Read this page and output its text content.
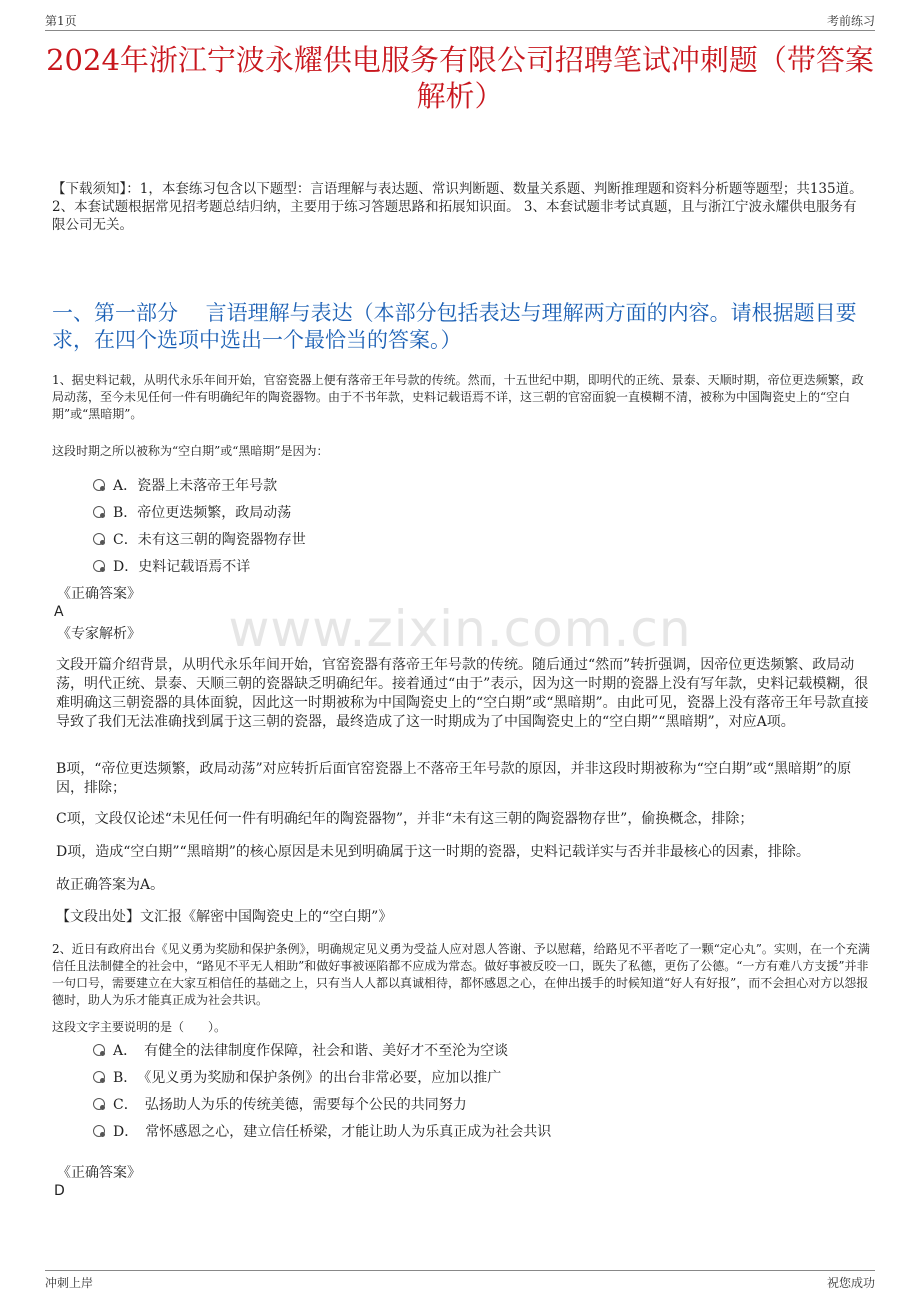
第1页	考前练习
2024年浙江宁波永耀供电服务有限公司招聘笔试冲刺题（带答案解析）
【下载须知】：1，本套练习包含以下题型：言语理解与表达题、常识判断题、数量关系题、判断推理题和资料分析题等题型；共135道。 2、本套试题根据常见招考题总结归纳，主要用于练习答题思路和拓展知识面。 3、本套试题非考试真题，且与浙江宁波永耀供电服务有限公司无关。
一、第一部分　 言语理解与表达（本部分包括表达与理解两方面的内容。请根据题目要求，在四个选项中选出一个最恰当的答案。）
1、据史料记载，从明代永乐年间开始，官窑瓷器上便有落帝王年号款的传统。然而，十五世纪中期，即明代的正统、景泰、天顺时期，帝位更迭频繁，政局动荡，至今未见任何一件有明确纪年的陶瓷器物。由于不书年款，史料记载语焉不详，这三朝的官窑面貌一直模糊不清，被称为中国陶瓷史上的“空白期”或“黑暗期”。
这段时期之所以被称为“空白期”或“黑暗期”是因为：
A．瓷器上未落帝王年号款
B．帝位更迭频繁，政局动荡
C．未有这三朝的陶瓷器物存世
D．史料记载语焉不详
《正确答案》
A
《专家解析》	www.zixin.com.cn
文段开篇介绍背景，从明代永乐年间开始，官窑瓷器有落帝王年号款的传统。随后通过“然而”转折强调，因帝位更迭频繁、政局动荡，明代正统、景泰、天顺三朝的瓷器缺乏明确纪年。接着通过“由于”表示，因为这一时期的瓷器上没有写年款，史料记载模糊，很难明确这三朝瓷器的具体面貌，因此这一时期被称为中国陶瓷史上的“空白期”或“黑暗期”。由此可见，瓷器上没有落帝王年号款直接导致了我们无法准确找到属于这三朝的瓷器，最终造成了这一时期成为了中国陶瓷史上的“空白期”“黑暗期”，对应A项。
B项，“帝位更迭频繁，政局动荡”对应转折后面官窑瓷器上不落帝王年号款的原因，并非这段时期被称为“空白期”或“黑暗期”的原因，排除；
C项，文段仅论述“未见任何一件有明确纪年的陶瓷器物”，并非“未有这三朝的陶瓷器物存世”，偷换概念，排除；
D项，造成“空白期”“黑暗期”的核心原因是未见到明确属于这一时期的瓷器，史料记载详实与否并非最核心的因素，排除。
故正确答案为A。
【文段出处】文汇报《解密中国陶瓷史上的“空白期”》
2、近日有政府出台《见义勇为奖励和保护条例》，明确规定见义勇为受益人应对恩人答谢、予以慰藉，给路见不平者吃了一颗“定心丸”。实则，在一个充满信任且法制健全的社会中，“路见不平无人相助”和做好事被诬陷都不应成为常态。做好事被反咬一口，既失了私德，更伤了公德。“一方有难八方支援”并非一句口号，需要建立在大家互相信任的基础之上，只有当人人都以真诚相待，都怀感恩之心，在伸出援手的时候知道“好人有好报”，而不会担心对方以怨报德时，助人为乐才能真正成为社会共识。
这段文字主要说明的是（　　）。
A．　有健全的法律制度作保障，社会和谐、美好才不至沦为空谈
B．　《见义勇为奖励和保护条例》的出台非常必要，应加以推广
C．　弘扬助人为乐的传统美德，需要每个公民的共同努力
D．　常怀感恩之心，建立信任桥梁，才能让助人为乐真正成为社会共识
《正确答案》
D
冲刺上岸	祝您成功
